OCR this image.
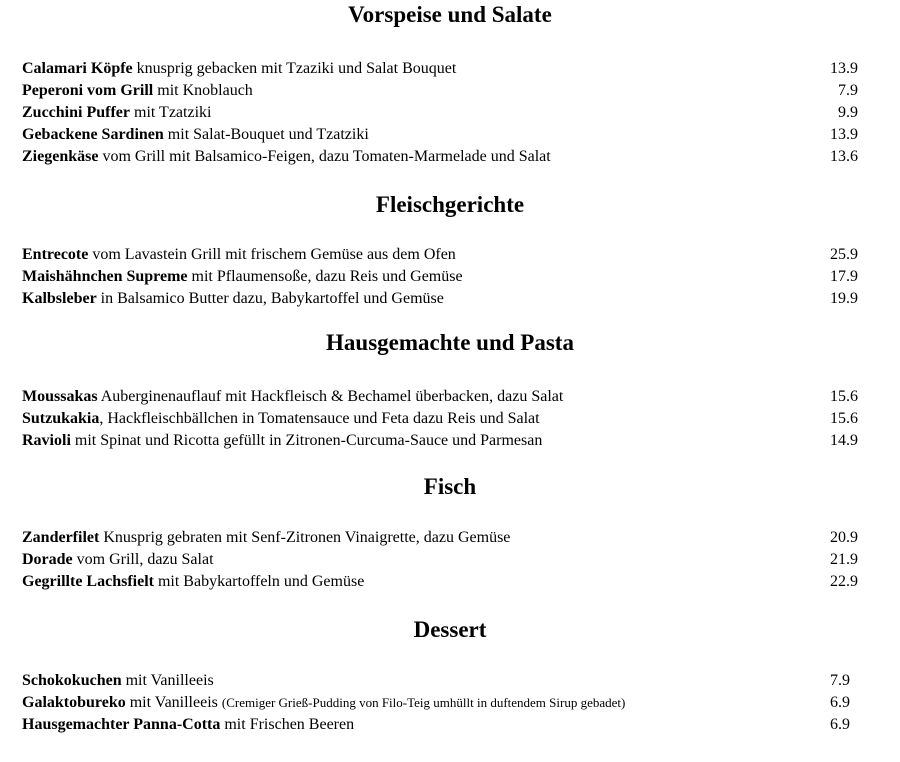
Vorspeise und Salate
Calamari Köpfe knusprig gebacken mit Tzaziki und Salat Bouquet	13.9
Peperoni vom Grill mit Knoblauch	7.9
Zucchini Puffer mit Tzatziki	9.9
Gebackene Sardinen mit Salat-Bouquet und Tzatziki	13.9
Ziegenkäse vom Grill mit Balsamico-Feigen, dazu Tomaten-Marmelade und Salat	13.6
Fleischgerichte
Entrecote vom Lavastein Grill mit frischem Gemüse aus dem Ofen	25.9
Maishähnchen Supreme mit Pflaumensoße, dazu Reis und Gemüse	17.9
Kalbsleber in Balsamico Butter dazu, Babykartoffel und Gemüse	19.9
Hausgemachte und Pasta
Moussakas Auberginenauflauf mit Hackfleisch & Bechamel überbacken, dazu Salat	15.6
Sutzukakia, Hackfleischbällchen in Tomatensauce und Feta dazu Reis und Salat	15.6
Ravioli mit Spinat und Ricotta gefüllt in Zitronen-Curcuma-Sauce und Parmesan	14.9
Fisch
Zanderfilet Knusprig gebraten mit Senf-Zitronen Vinaigrette, dazu Gemüse	20.9
Dorade vom Grill, dazu Salat	21.9
Gegrillte Lachsfielt mit Babykartoffeln und Gemüse	22.9
Dessert
Schokokuchen mit Vanilleeis	7.9
Galaktobureko mit Vanilleeis (Cremiger Grieß-Pudding von Filo-Teig umhüllt in duftendem Sirup gebadet)	6.9
Hausgemachter Panna-Cotta mit Frischen Beeren	6.9
